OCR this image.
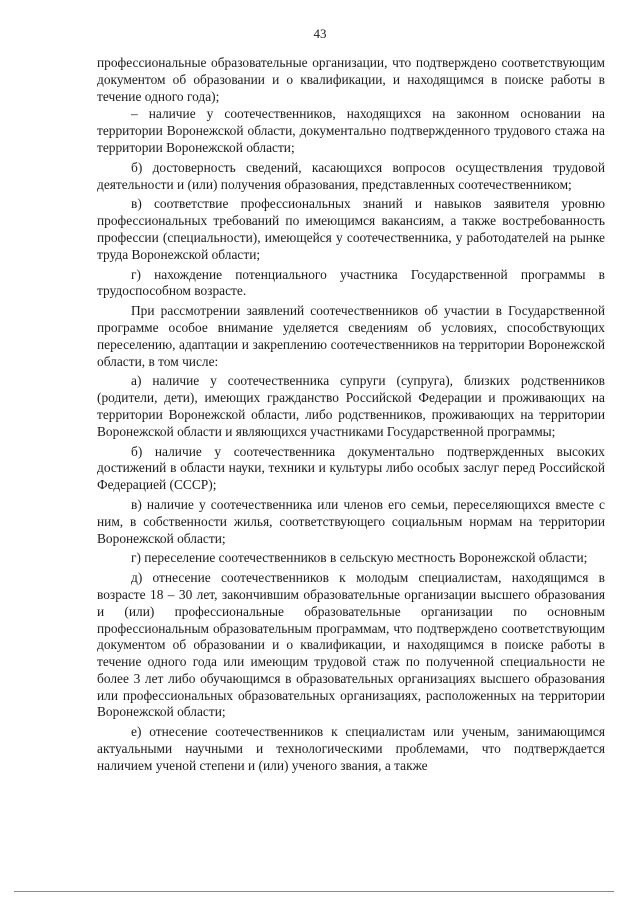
43

профессиональные образовательные организации, что подтверждено соответствующим документом об образовании и о квалификации, и находящимся в поиске работы в течение одного года);

– наличие у соотечественников, находящихся на законном основании на территории Воронежской области, документально подтвержденного трудового стажа на территории Воронежской области;

б) достоверность сведений, касающихся вопросов осуществления трудовой деятельности и (или) получения образования, представленных соотечественником;

в) соответствие профессиональных знаний и навыков заявителя уровню профессиональных требований по имеющимся вакансиям, а также востребованность профессии (специальности), имеющейся у соотечественника, у работодателей на рынке труда Воронежской области;

г) нахождение потенциального участника Государственной программы в трудоспособном возрасте.

При рассмотрении заявлений соотечественников об участии в Государственной программе особое внимание уделяется сведениям об условиях, способствующих переселению, адаптации и закреплению соотечественников на территории Воронежской области, в том числе:

а) наличие у соотечественника супруги (супруга), близких родственников (родители, дети), имеющих гражданство Российской Федерации и проживающих на территории Воронежской области, либо родственников, проживающих на территории Воронежской области и являющихся участниками Государственной программы;

б) наличие у соотечественника документально подтвержденных высоких достижений в области науки, техники и культуры либо особых заслуг перед Российской Федерацией (СССР);

в) наличие у соотечественника или членов его семьи, переселяющихся вместе с ним, в собственности жилья, соответствующего социальным нормам на территории Воронежской области;

г) переселение соотечественников в сельскую местность Воронежской области;

д) отнесение соотечественников к молодым специалистам, находящимся в возрасте 18 – 30 лет, закончившим образовательные организации высшего образования и (или) профессиональные образовательные организации по основным профессиональным образовательным программам, что подтверждено соответствующим документом об образовании и о квалификации, и находящимся в поиске работы в течение одного года или имеющим трудовой стаж по полученной специальности не более 3 лет либо обучающимся в образовательных организациях высшего образования или профессиональных образовательных организациях, расположенных на территории Воронежской области;

е) отнесение соотечественников к специалистам или ученым, занимающимся актуальными научными и технологическими проблемами, что подтверждается наличием ученой степени и (или) ученого звания, а также
